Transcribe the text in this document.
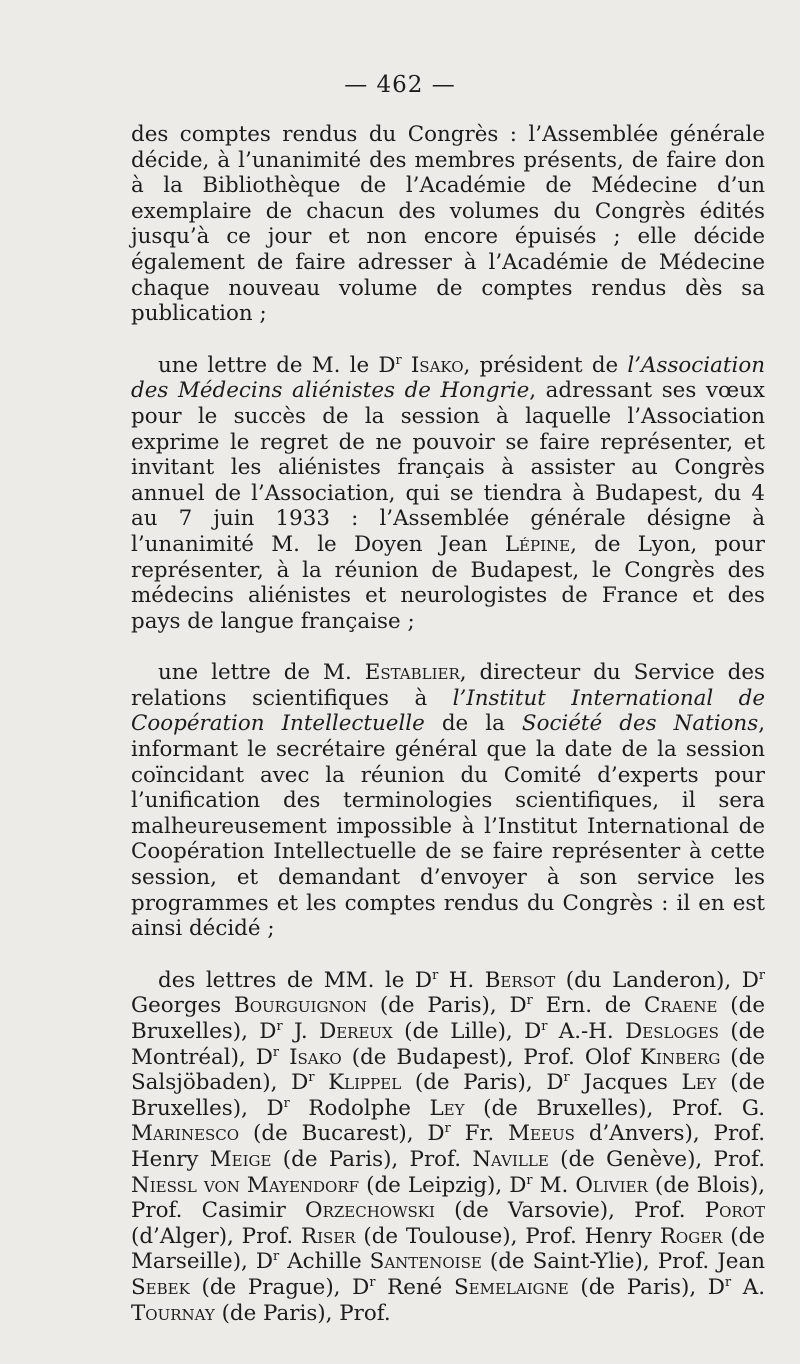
— 462 —

des comptes rendus du Congrès : l’Assemblée générale décide, à l’unanimité des membres présents, de faire don à la Bibliothèque de l’Académie de Médecine d’un exemplaire de chacun des volumes du Congrès édités jusqu’à ce jour et non encore épuisés ; elle décide également de faire adresser à l’Académie de Médecine chaque nouveau volume de comptes rendus dès sa publication ;

une lettre de M. le $D^r$ Isako, président de l’Association des Médecins aliénistes de Hongrie, adressant ses vœux pour le succès de la session à laquelle l’Association exprime le regret de ne pouvoir se faire représenter, et invitant les aliénistes français à assister au Congrès annuel de l’Association, qui se tiendra à Budapest, du 4 au 7 juin 1933 : l’Assemblée générale désigne à l’unanimité M. le Doyen Jean Lépine, de Lyon, pour représenter, à la réunion de Budapest, le Congrès des médecins aliénistes et neurologistes de France et des pays de langue française ;

une lettre de M. Establier, directeur du Service des relations scientifiques à l’Institut International de Coopération Intellectuelle de la Société des Nations, informant le secrétaire général que la date de la session coïncidant avec la réunion du Comité d’experts pour l’unification des terminologies scientifiques, il sera malheureusement impossible à l’Institut International de Coopération Intellectuelle de se faire représenter à cette session, et demandant d’envoyer à son service les programmes et les comptes rendus du Congrès : il en est ainsi décidé ;

des lettres de MM. le $D^r$ H. Bersot (du Landeron), $D^r$ Georges Bourguignon (de Paris), $D^r$ Ern. de Craene (de Bruxelles), $D^r$ J. Dereux (de Lille), $D^r$ A.-H. Desloges (de Montréal), $D^r$ Isako (de Budapest), Prof. Olof Kinberg (de Salsjöbaden), $D^r$ Klippel (de Paris), $D^r$ Jacques Ley (de Bruxelles), $D^r$ Rodolphe Ley (de Bruxelles), Prof. G. Marinesco (de Bucarest), $D^r$ Fr. Meeus d’Anvers), Prof. Henry Meige (de Paris), Prof. Naville (de Genève), Prof. Niessl von Mayendorf (de Leipzig), $D^r$ M. Olivier (de Blois), Prof. Casimir Orzechowski (de Varsovie), Prof. Porot (d’Alger), Prof. Riser (de Toulouse), Prof. Henry Roger (de Marseille), $D^r$ Achille Santenoise (de Saint-Ylie), Prof. Jean Sebek (de Prague), $D^r$ René Semelaigne (de Paris), $D^r$ A. Tournay (de Paris), Prof.
